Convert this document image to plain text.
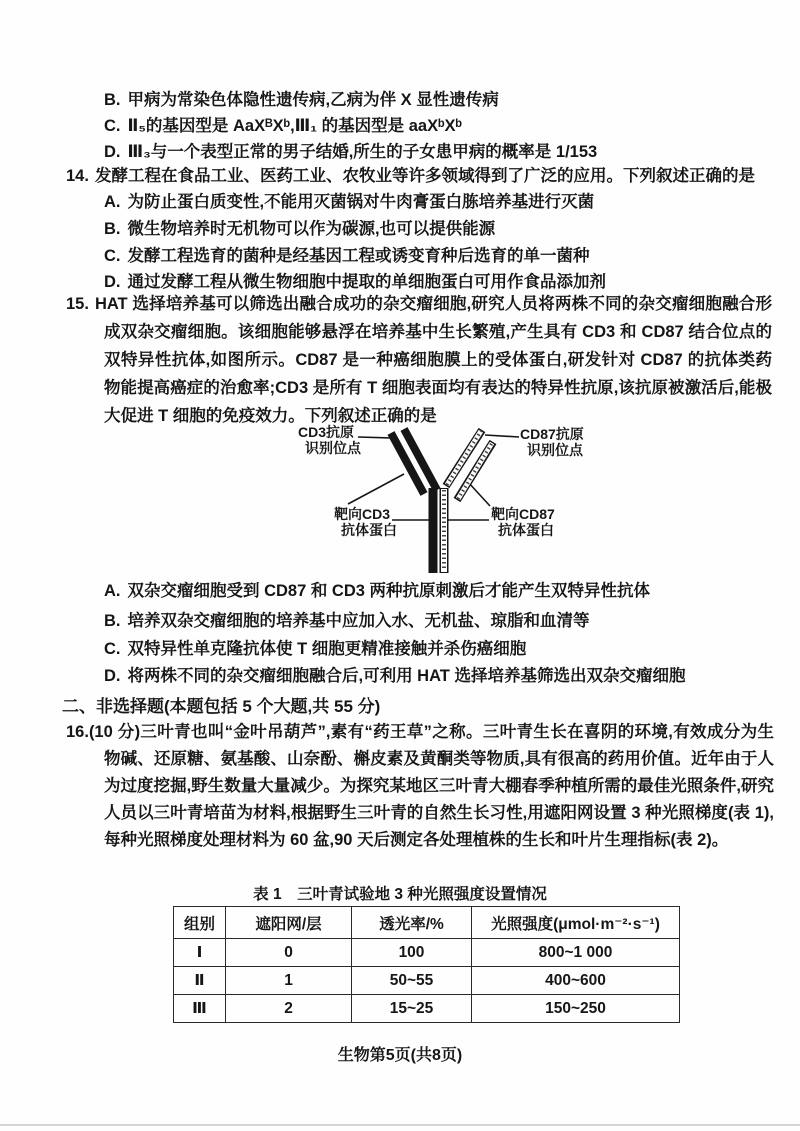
B. 甲病为常染色体隐性遗传病,乙病为伴 X 显性遗传病
C. Ⅱ₅的基因型是 AaXᴮXᵇ,Ⅲ₁ 的基因型是 aaXᵇXᵇ
D. Ⅲ₃与一个表型正常的男子结婚,所生的子女患甲病的概率是 1/153

14. 发酵工程在食品工业、医药工业、农牧业等许多领域得到了广泛的应用。下列叙述正确的是

A. 为防止蛋白质变性,不能用灭菌锅对牛肉膏蛋白胨培养基进行灭菌
B. 微生物培养时无机物可以作为碳源,也可以提供能源
C. 发酵工程选育的菌种是经基因工程或诱变育种后选育的单一菌种
D. 通过发酵工程从微生物细胞中提取的单细胞蛋白可用作食品添加剂

15. HAT 选择培养基可以筛选出融合成功的杂交瘤细胞,研究人员将两株不同的杂交瘤细胞融合形成双杂交瘤细胞。该细胞能够悬浮在培养基中生长繁殖,产生具有 CD3 和 CD87 结合位点的双特异性抗体,如图所示。CD87 是一种癌细胞膜上的受体蛋白,研发针对 CD87 的抗体类药物能提高癌症的治愈率;CD3 是所有 T 细胞表面均有表达的特异性抗原,该抗原被激活后,能极大促进 T 细胞的免疫效力。下列叙述正确的是

CD3抗原
识别位点
CD87抗原
识别位点
靶向CD3
抗体蛋白
靶向CD87
抗体蛋白
A. 双杂交瘤细胞受到 CD87 和 CD3 两种抗原刺激后才能产生双特异性抗体
B. 培养双杂交瘤细胞的培养基中应加入水、无机盐、琼脂和血清等
C. 双特异性单克隆抗体使 T 细胞更精准接触并杀伤癌细胞
D. 将两株不同的杂交瘤细胞融合后,可利用 HAT 选择培养基筛选出双杂交瘤细胞
二、非选择题(本题包括 5 个大题,共 55 分)

16.(10 分)三叶青也叫“金叶吊葫芦”,素有“药王草”之称。三叶青生长在喜阴的环境,有效成分为生物碱、还原糖、氨基酸、山奈酚、槲皮素及黄酮类等物质,具有很高的药用价值。近年由于人为过度挖掘,野生数量大量减少。为探究某地区三叶青大棚春季种植所需的最佳光照条件,研究人员以三叶青培苗为材料,根据野生三叶青的自然生长习性,用遮阳网设置 3 种光照梯度(表 1),每种光照梯度处理材料为 60 盆,90 天后测定各处理植株的生长和叶片生理指标(表 2)。

表 1　三叶青试验地 3 种光照强度设置情况
组别	遮阳网/层	透光率/%	光照强度(μmol·m⁻²·s⁻¹)
Ⅰ	0	100	800~1 000
Ⅱ	1	50~55	400~600
Ⅲ	2	15~25	150~250
生物第5页(共8页)
